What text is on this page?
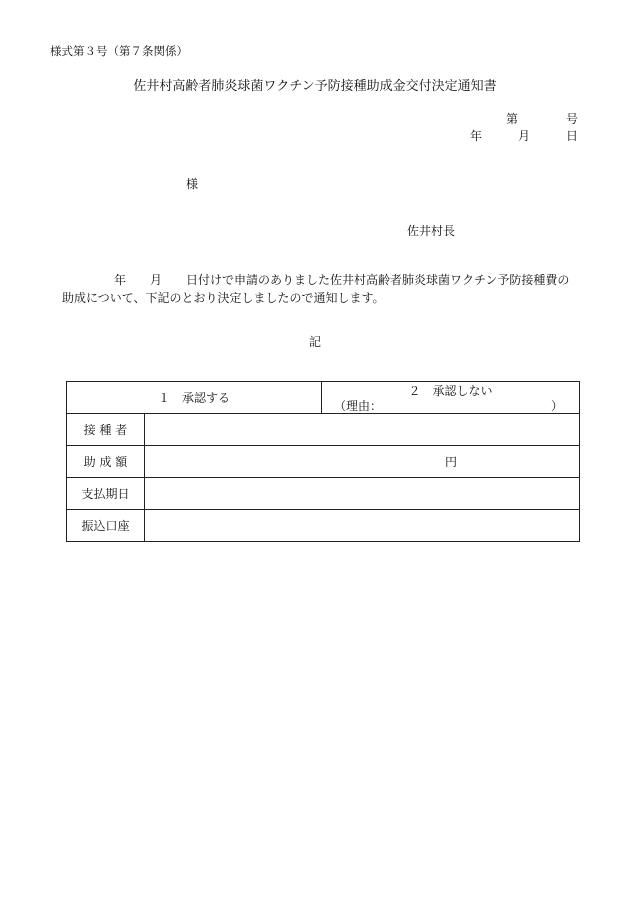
様式第３号（第７条関係）
佐井村高齢者肺炎球菌ワクチン予防接種助成金交付決定通知書
第	号
年	月	日
様
佐井村長
年 月 日付けで申請のありました佐井村高齢者肺炎球菌ワクチン予防接種費の
助成について、下記のとおり決定しましたので通知します。
記
１　承認する		２　承認しない
（理由： ）

接 種 者		
助 成 額	円	

支払期日		
振込口座		
